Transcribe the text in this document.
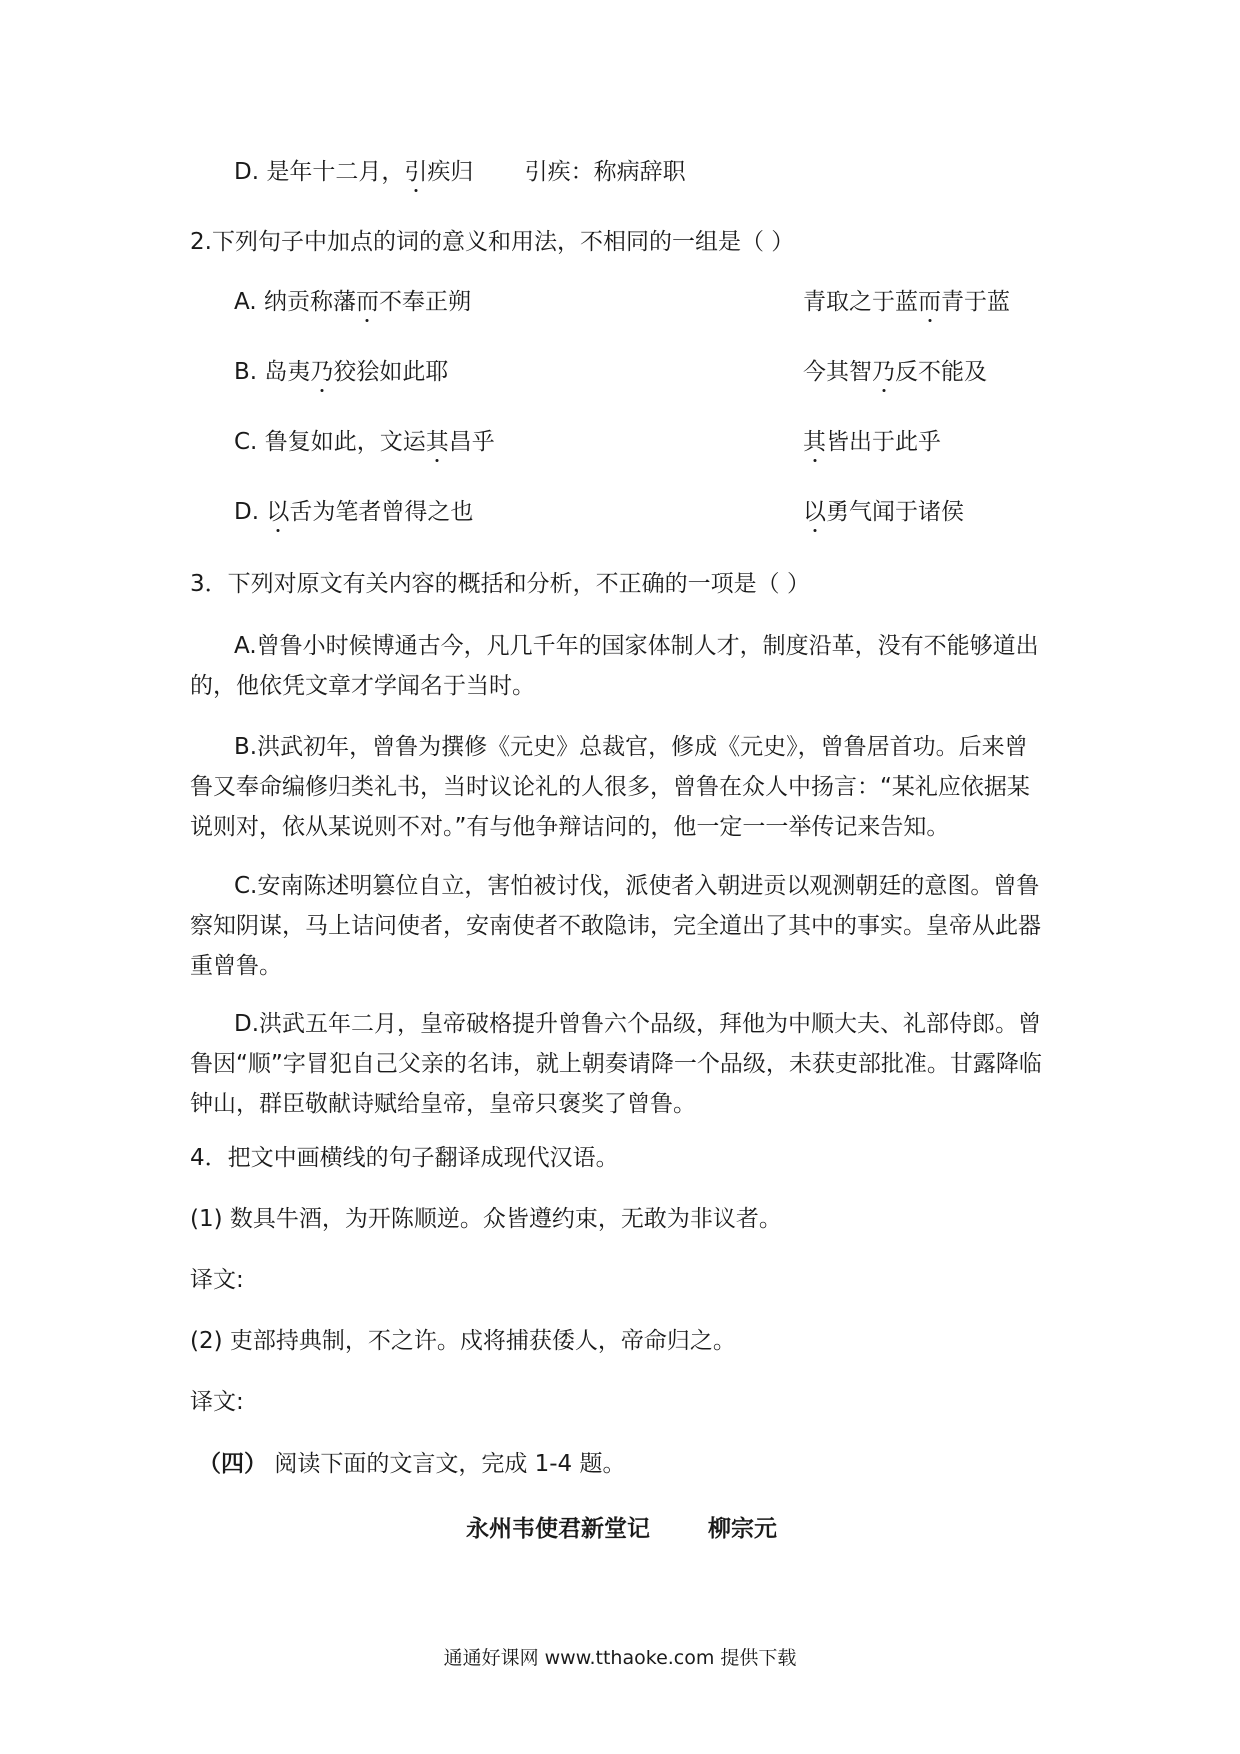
D. 是年十二月，引疾归 引疾：称病辞职
2.下列句子中加点的词的意义和用法，不相同的一组是（ ）
A. 纳贡称藩而不奉正朔	青取之于蓝而青于蓝
B. 岛夷乃狡狯如此耶	今其智乃反不能及
C. 鲁复如此，文运其昌乎	其皆出于此乎
D. 以舌为笔者曾得之也	以勇气闻于诸侯
3．下列对原文有关内容的概括和分析，不正确的一项是（ ）
A.曾鲁小时候博通古今，凡几千年的国家体制人才，制度沿革，没有不能够道出的，他依凭文章才学闻名于当时。
B.洪武初年，曾鲁为撰修《元史》总裁官，修成《元史》，曾鲁居首功。后来曾鲁又奉命编修归类礼书，当时议论礼的人很多，曾鲁在众人中扬言：“某礼应依据某说则对，依从某说则不对。”有与他争辩诘问的，他一定一一举传记来告知。
C.安南陈述明篡位自立，害怕被讨伐，派使者入朝进贡以观测朝廷的意图。曾鲁察知阴谋，马上诘问使者，安南使者不敢隐讳，完全道出了其中的事实。皇帝从此器重曾鲁。
D.洪武五年二月，皇帝破格提升曾鲁六个品级，拜他为中顺大夫、礼部侍郎。曾鲁因“顺”字冒犯自己父亲的名讳，就上朝奏请降一个品级，未获吏部批准。甘露降临钟山，群臣敬献诗赋给皇帝，皇帝只褒奖了曾鲁。
4．把文中画横线的句子翻译成现代汉语。
(1) 数具牛酒，为开陈顺逆。众皆遵约束，无敢为非议者。
译文:
(2) 吏部持典制，不之许。戍将捕获倭人，帝命归之。
译文:
（四） 阅读下面的文言文，完成 1-4 题。
永州韦使君新堂记	柳宗元
通通好课网 www.tthaoke.com 提供下载
